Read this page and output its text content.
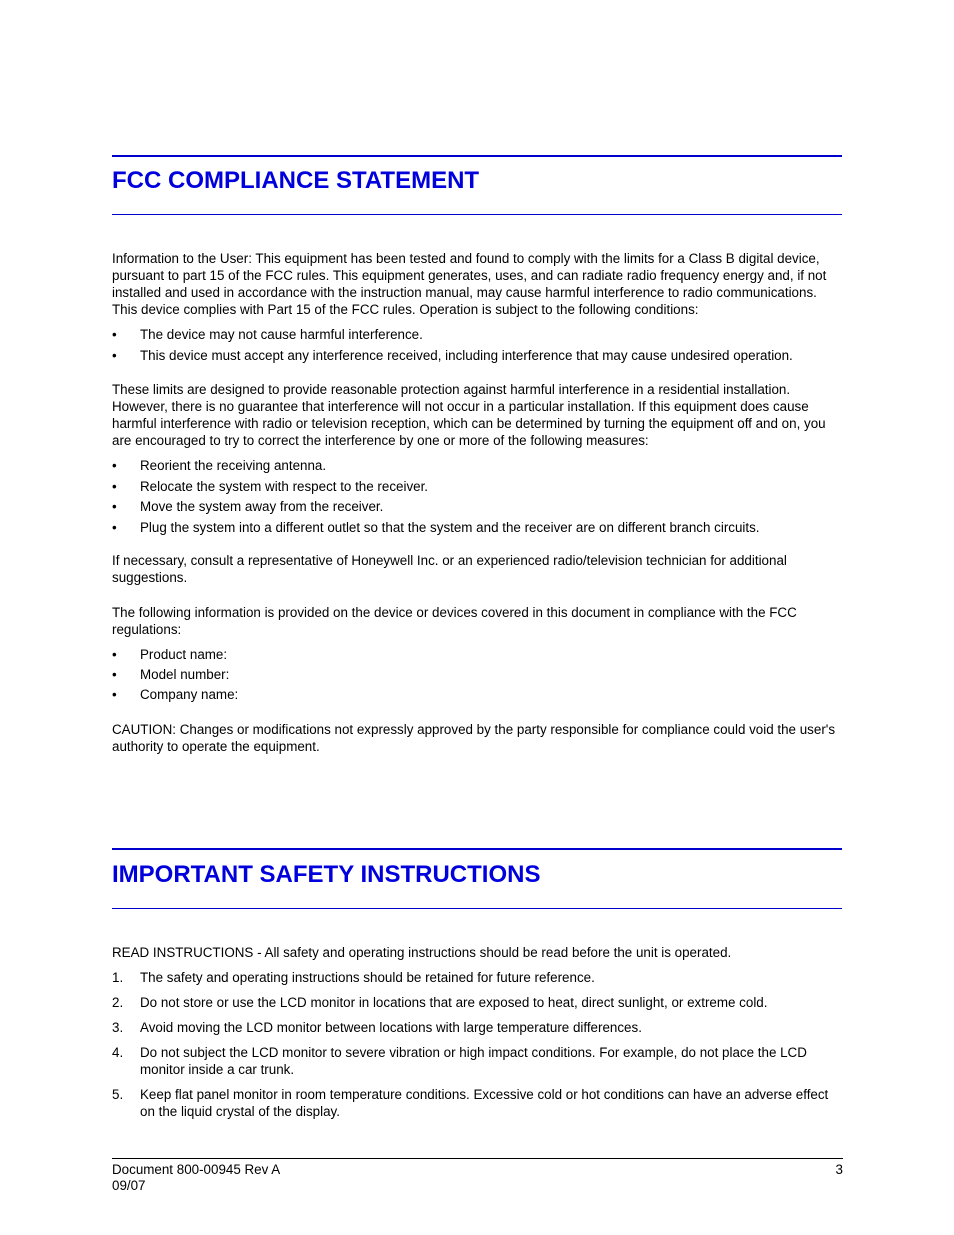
FCC COMPLIANCE STATEMENT

Information to the User: This equipment has been tested and found to comply with the limits for a Class B digital device, pursuant to part 15 of the FCC rules. This equipment generates, uses, and can radiate radio frequency energy and, if not installed and used in accordance with the instruction manual, may cause harmful interference to radio communications. This device complies with Part 15 of the FCC rules. Operation is subject to the following conditions:

•	The device may not cause harmful interference.
•	This device must accept any interference received, including interference that may cause undesired operation.

These limits are designed to provide reasonable protection against harmful interference in a residential installation. However, there is no guarantee that interference will not occur in a particular installation. If this equipment does cause harmful interference with radio or television reception, which can be determined by turning the equipment off and on, you are encouraged to try to correct the interference by one or more of the following measures:

•	Reorient the receiving antenna.
•	Relocate the system with respect to the receiver.
•	Move the system away from the receiver.
•	Plug the system into a different outlet so that the system and the receiver are on different branch circuits.

If necessary, consult a representative of Honeywell Inc. or an experienced radio/television technician for additional suggestions.

The following information is provided on the device or devices covered in this document in compliance with the FCC regulations:

•	Product name:
•	Model number:
•	Company name:

CAUTION: Changes or modifications not expressly approved by the party responsible for compliance could void the user's authority to operate the equipment.

IMPORTANT SAFETY INSTRUCTIONS

READ INSTRUCTIONS - All safety and operating instructions should be read before the unit is operated.

1.	The safety and operating instructions should be retained for future reference.
2.	Do not store or use the LCD monitor in locations that are exposed to heat, direct sunlight, or extreme cold.
3.	Avoid moving the LCD monitor between locations with large temperature differences.
4.	Do not subject the LCD monitor to severe vibration or high impact conditions. For example, do not place the LCD monitor inside a car trunk.
5.	Keep flat panel monitor in room temperature conditions. Excessive cold or hot conditions can have an adverse effect on the liquid crystal of the display.
Document 800-00945 Rev A
09/07
3
